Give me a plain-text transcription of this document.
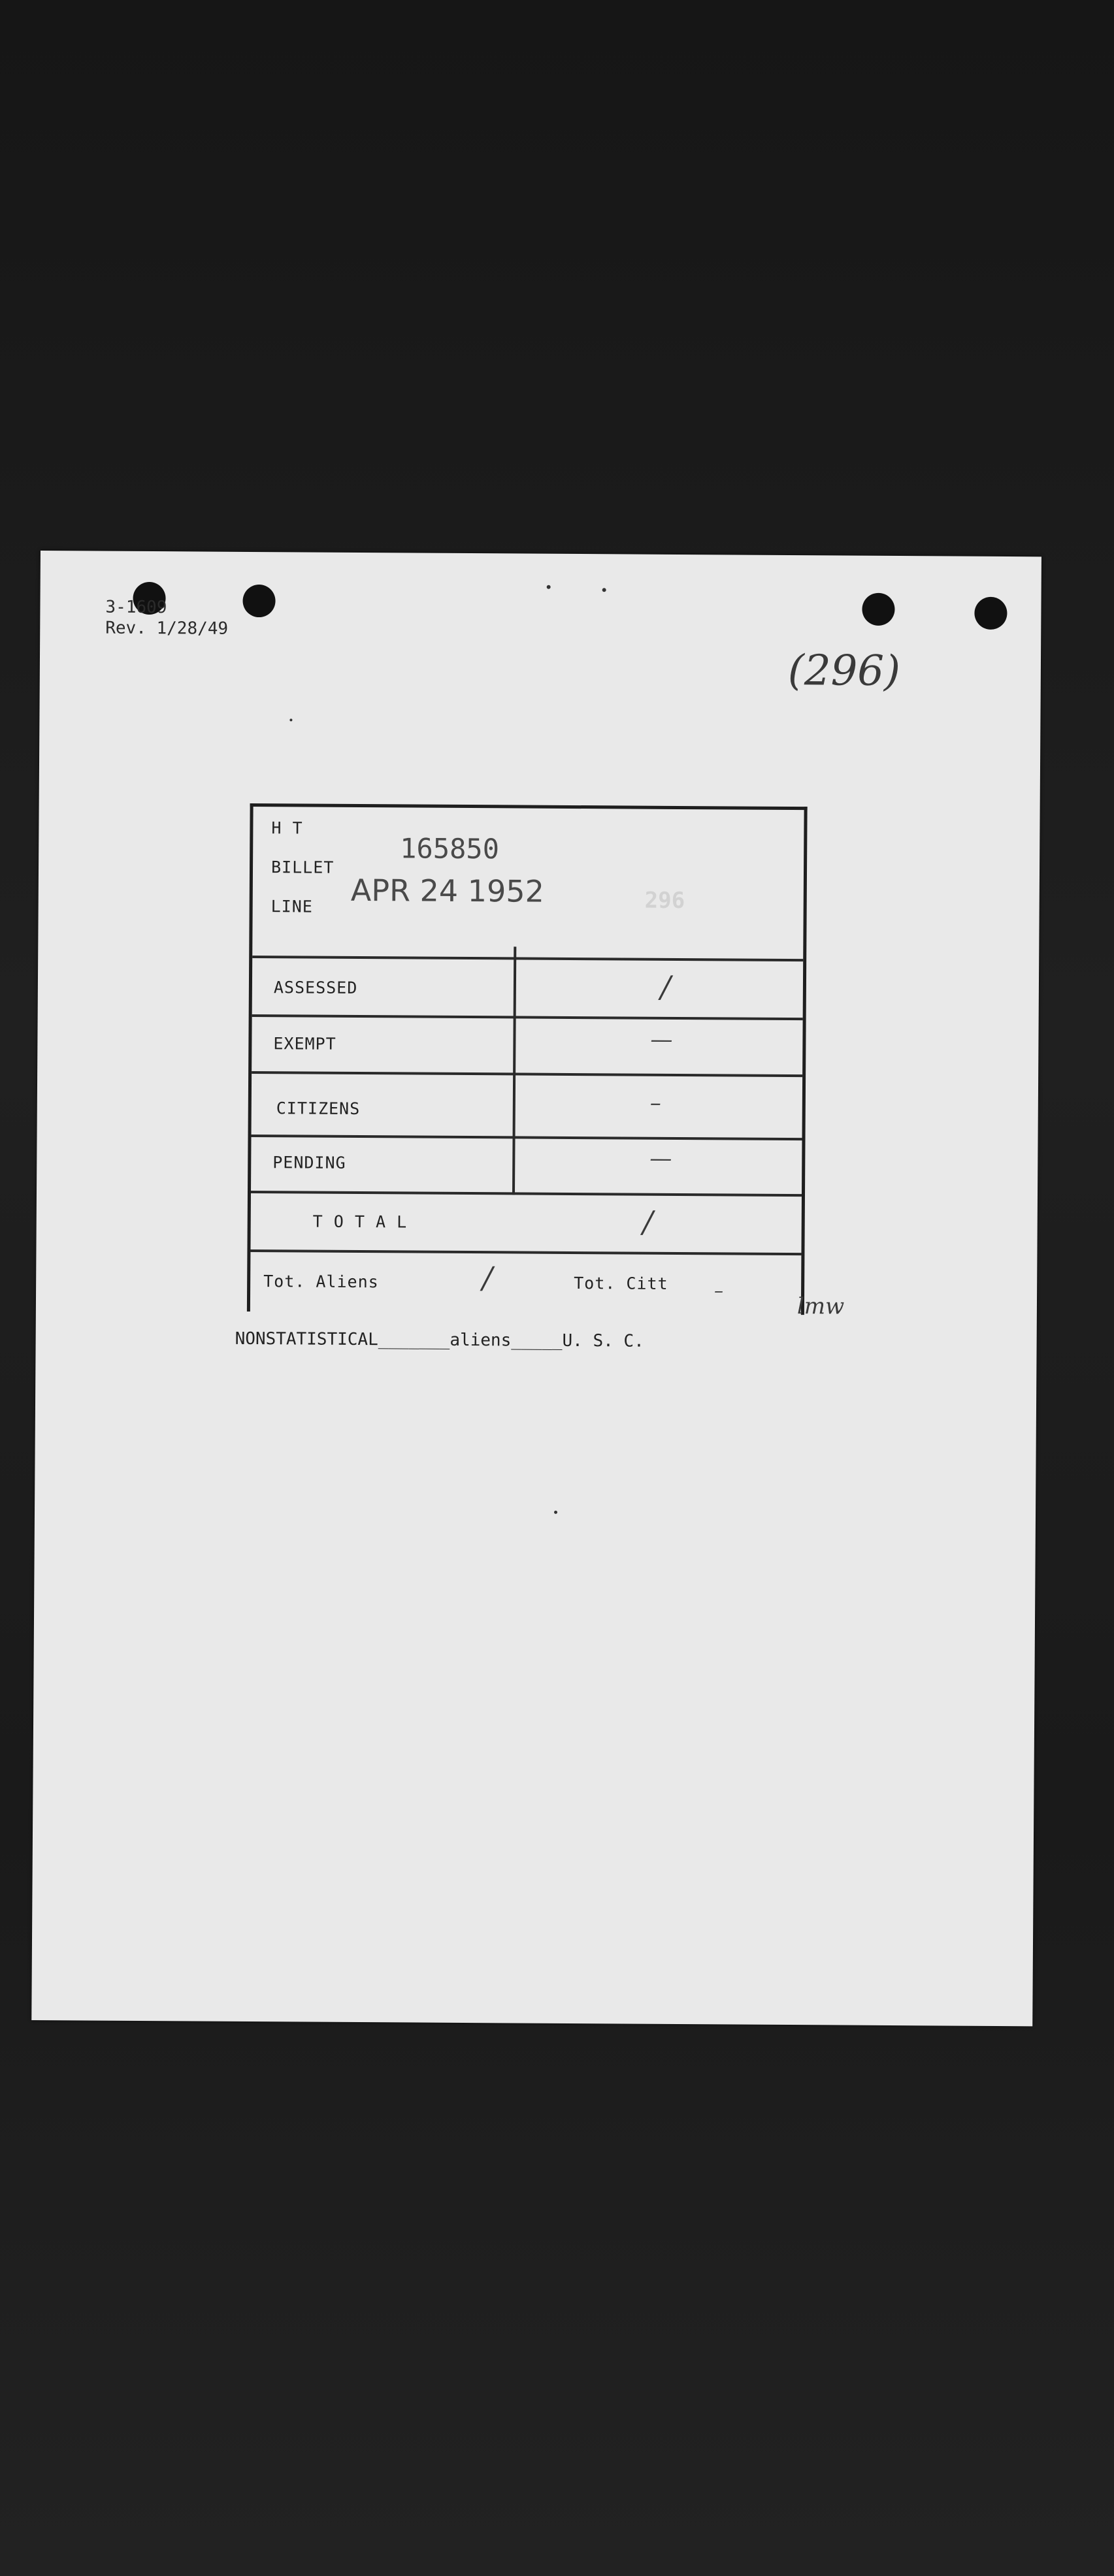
3-1609
Rev. 1/28/49
(296)
296
H T
BILLET
LINE
165850
APR 24 1952
ASSESSED	/
EXEMPT	—
CITIZENS	–
PENDING	—
T O T A L	/
Tot. Aliens	/	Tot. Citt	–
lmw
NONSTATISTICAL_______aliens_____U. S. C.
